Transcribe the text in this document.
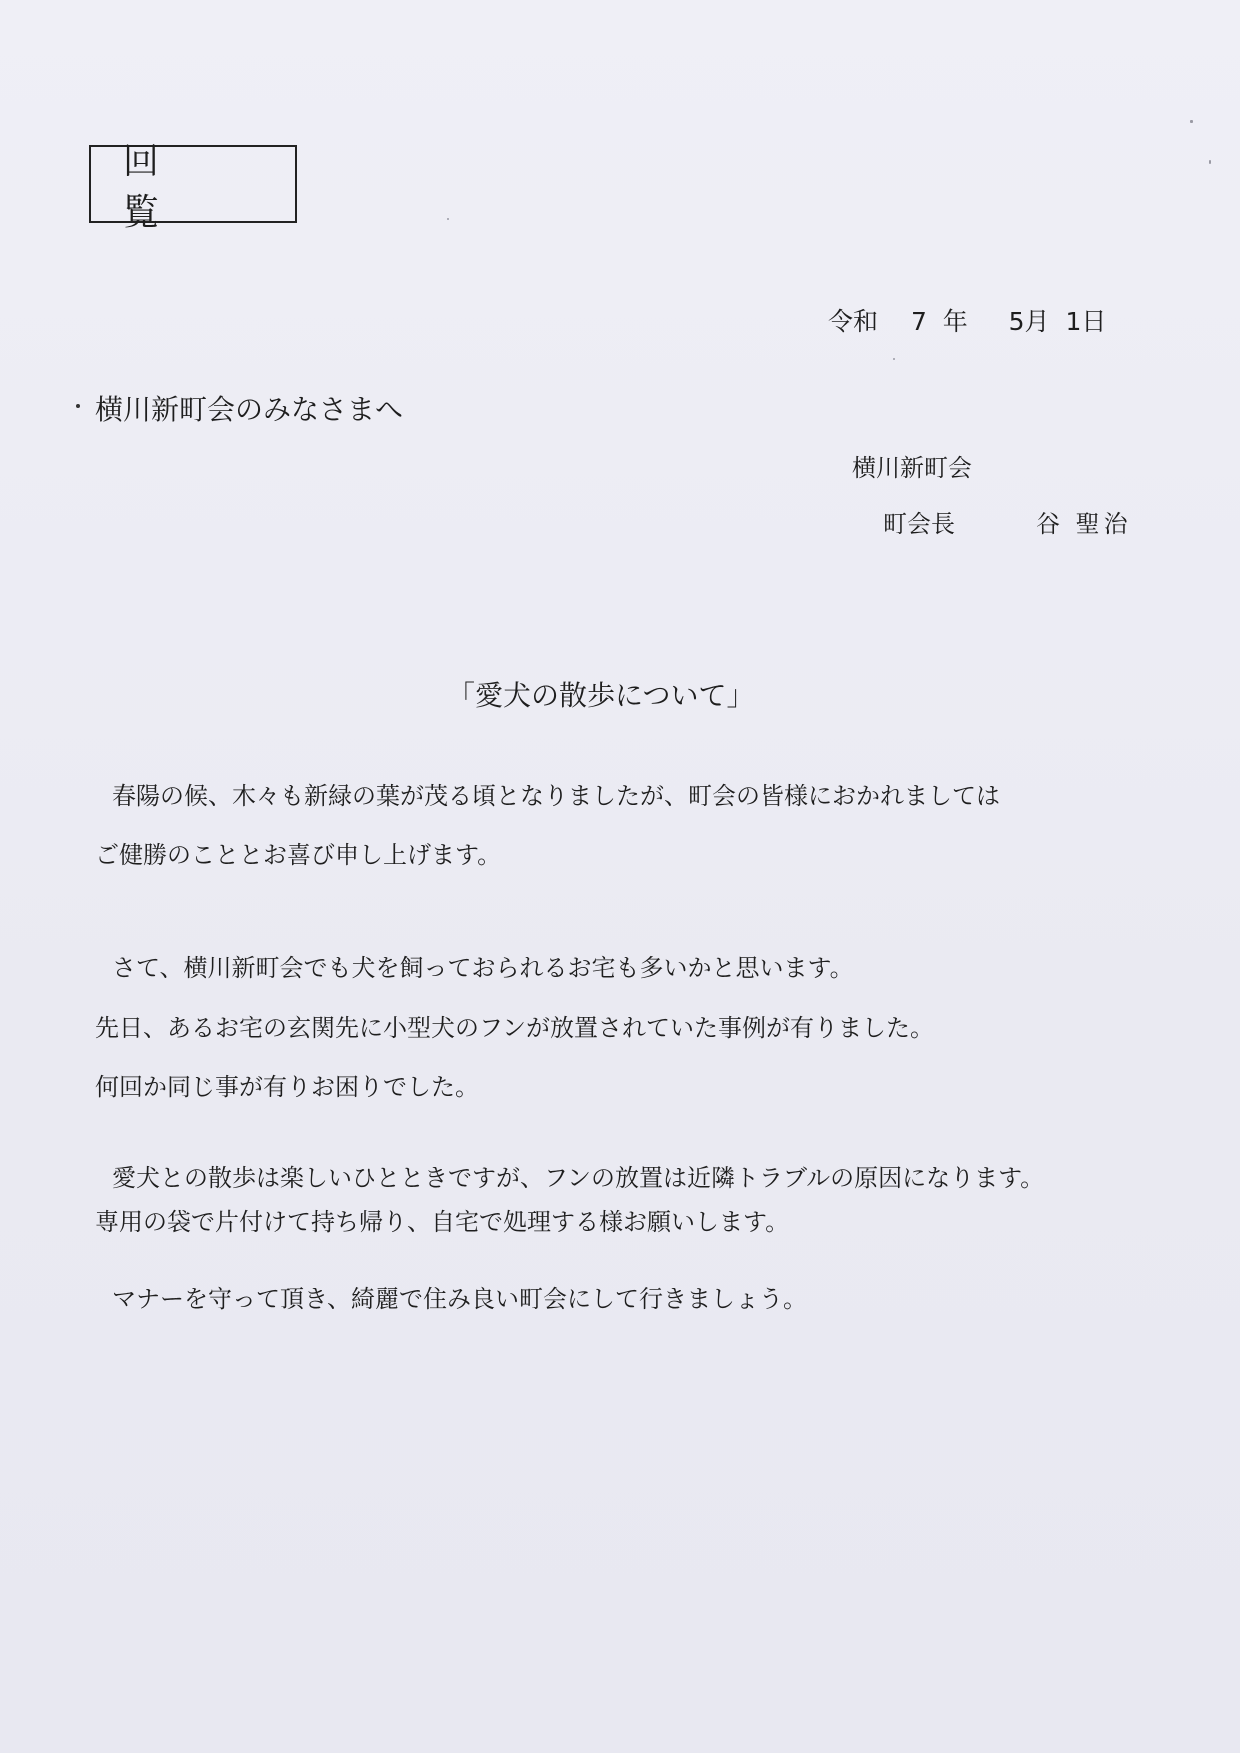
回 覧
令和　 7  年　  5月  1日
横川新町会のみなさまへ
横川新町会
町会長	谷 聖治
「愛犬の散歩について」
春陽の候、木々も新緑の葉が茂る頃となりましたが、町会の皆様におかれましては
ご健勝のこととお喜び申し上げます。
さて、横川新町会でも犬を飼っておられるお宅も多いかと思います。
先日、あるお宅の玄関先に小型犬のフンが放置されていた事例が有りました。
何回か同じ事が有りお困りでした。
愛犬との散歩は楽しいひとときですが、フンの放置は近隣トラブルの原因になります。
専用の袋で片付けて持ち帰り、自宅で処理する様お願いします。
マナーを守って頂き、綺麗で住み良い町会にして行きましょう。
